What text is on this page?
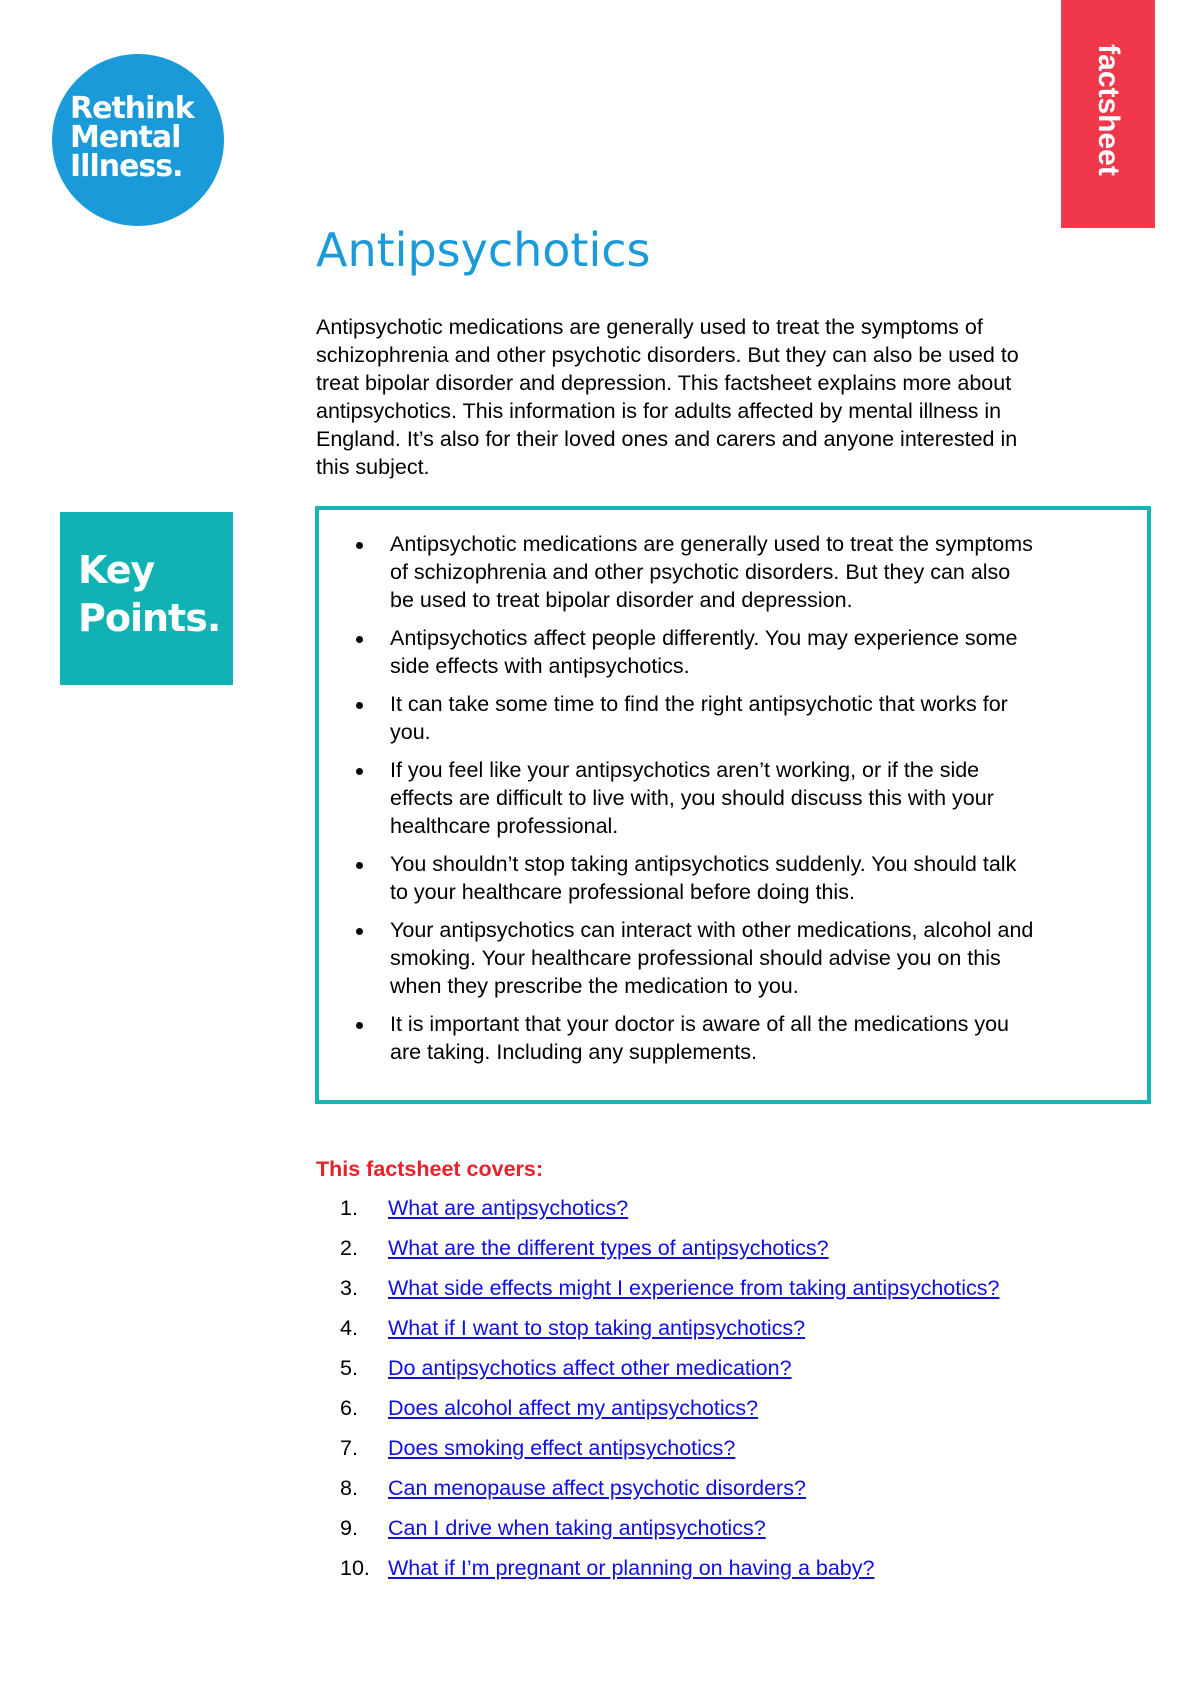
Rethink
Mental
Illness.	factsheet
Antipsychotics

Antipsychotic medications are generally used to treat the symptoms of
schizophrenia and other psychotic disorders. But they can also be used to
treat bipolar disorder and depression. This factsheet explains more about
antipsychotics. This information is for adults affected by mental illness in
England. It’s also for their loved ones and carers and anyone interested in
this subject.

Key
Points.
Antipsychotic medications are generally used to treat the symptoms
of schizophrenia and other psychotic disorders. But they can also
be used to treat bipolar disorder and depression.
Antipsychotics affect people differently. You may experience some
side effects with antipsychotics.
It can take some time to find the right antipsychotic that works for
you.
If you feel like your antipsychotics aren’t working, or if the side
effects are difficult to live with, you should discuss this with your
healthcare professional.
You shouldn’t stop taking antipsychotics suddenly. You should talk
to your healthcare professional before doing this.
Your antipsychotics can interact with other medications, alcohol and
smoking. Your healthcare professional should advise you on this
when they prescribe the medication to you.
It is important that your doctor is aware of all the medications you
are taking. Including any supplements.

This factsheet covers:

1. What are antipsychotics?
2. What are the different types of antipsychotics?
3. What side effects might I experience from taking antipsychotics?
4. What if I want to stop taking antipsychotics?
5. Do antipsychotics affect other medication?
6. Does alcohol affect my antipsychotics?
7. Does smoking effect antipsychotics?
8. Can menopause affect psychotic disorders?
9. Can I drive when taking antipsychotics?
10. What if I’m pregnant or planning on having a baby?
